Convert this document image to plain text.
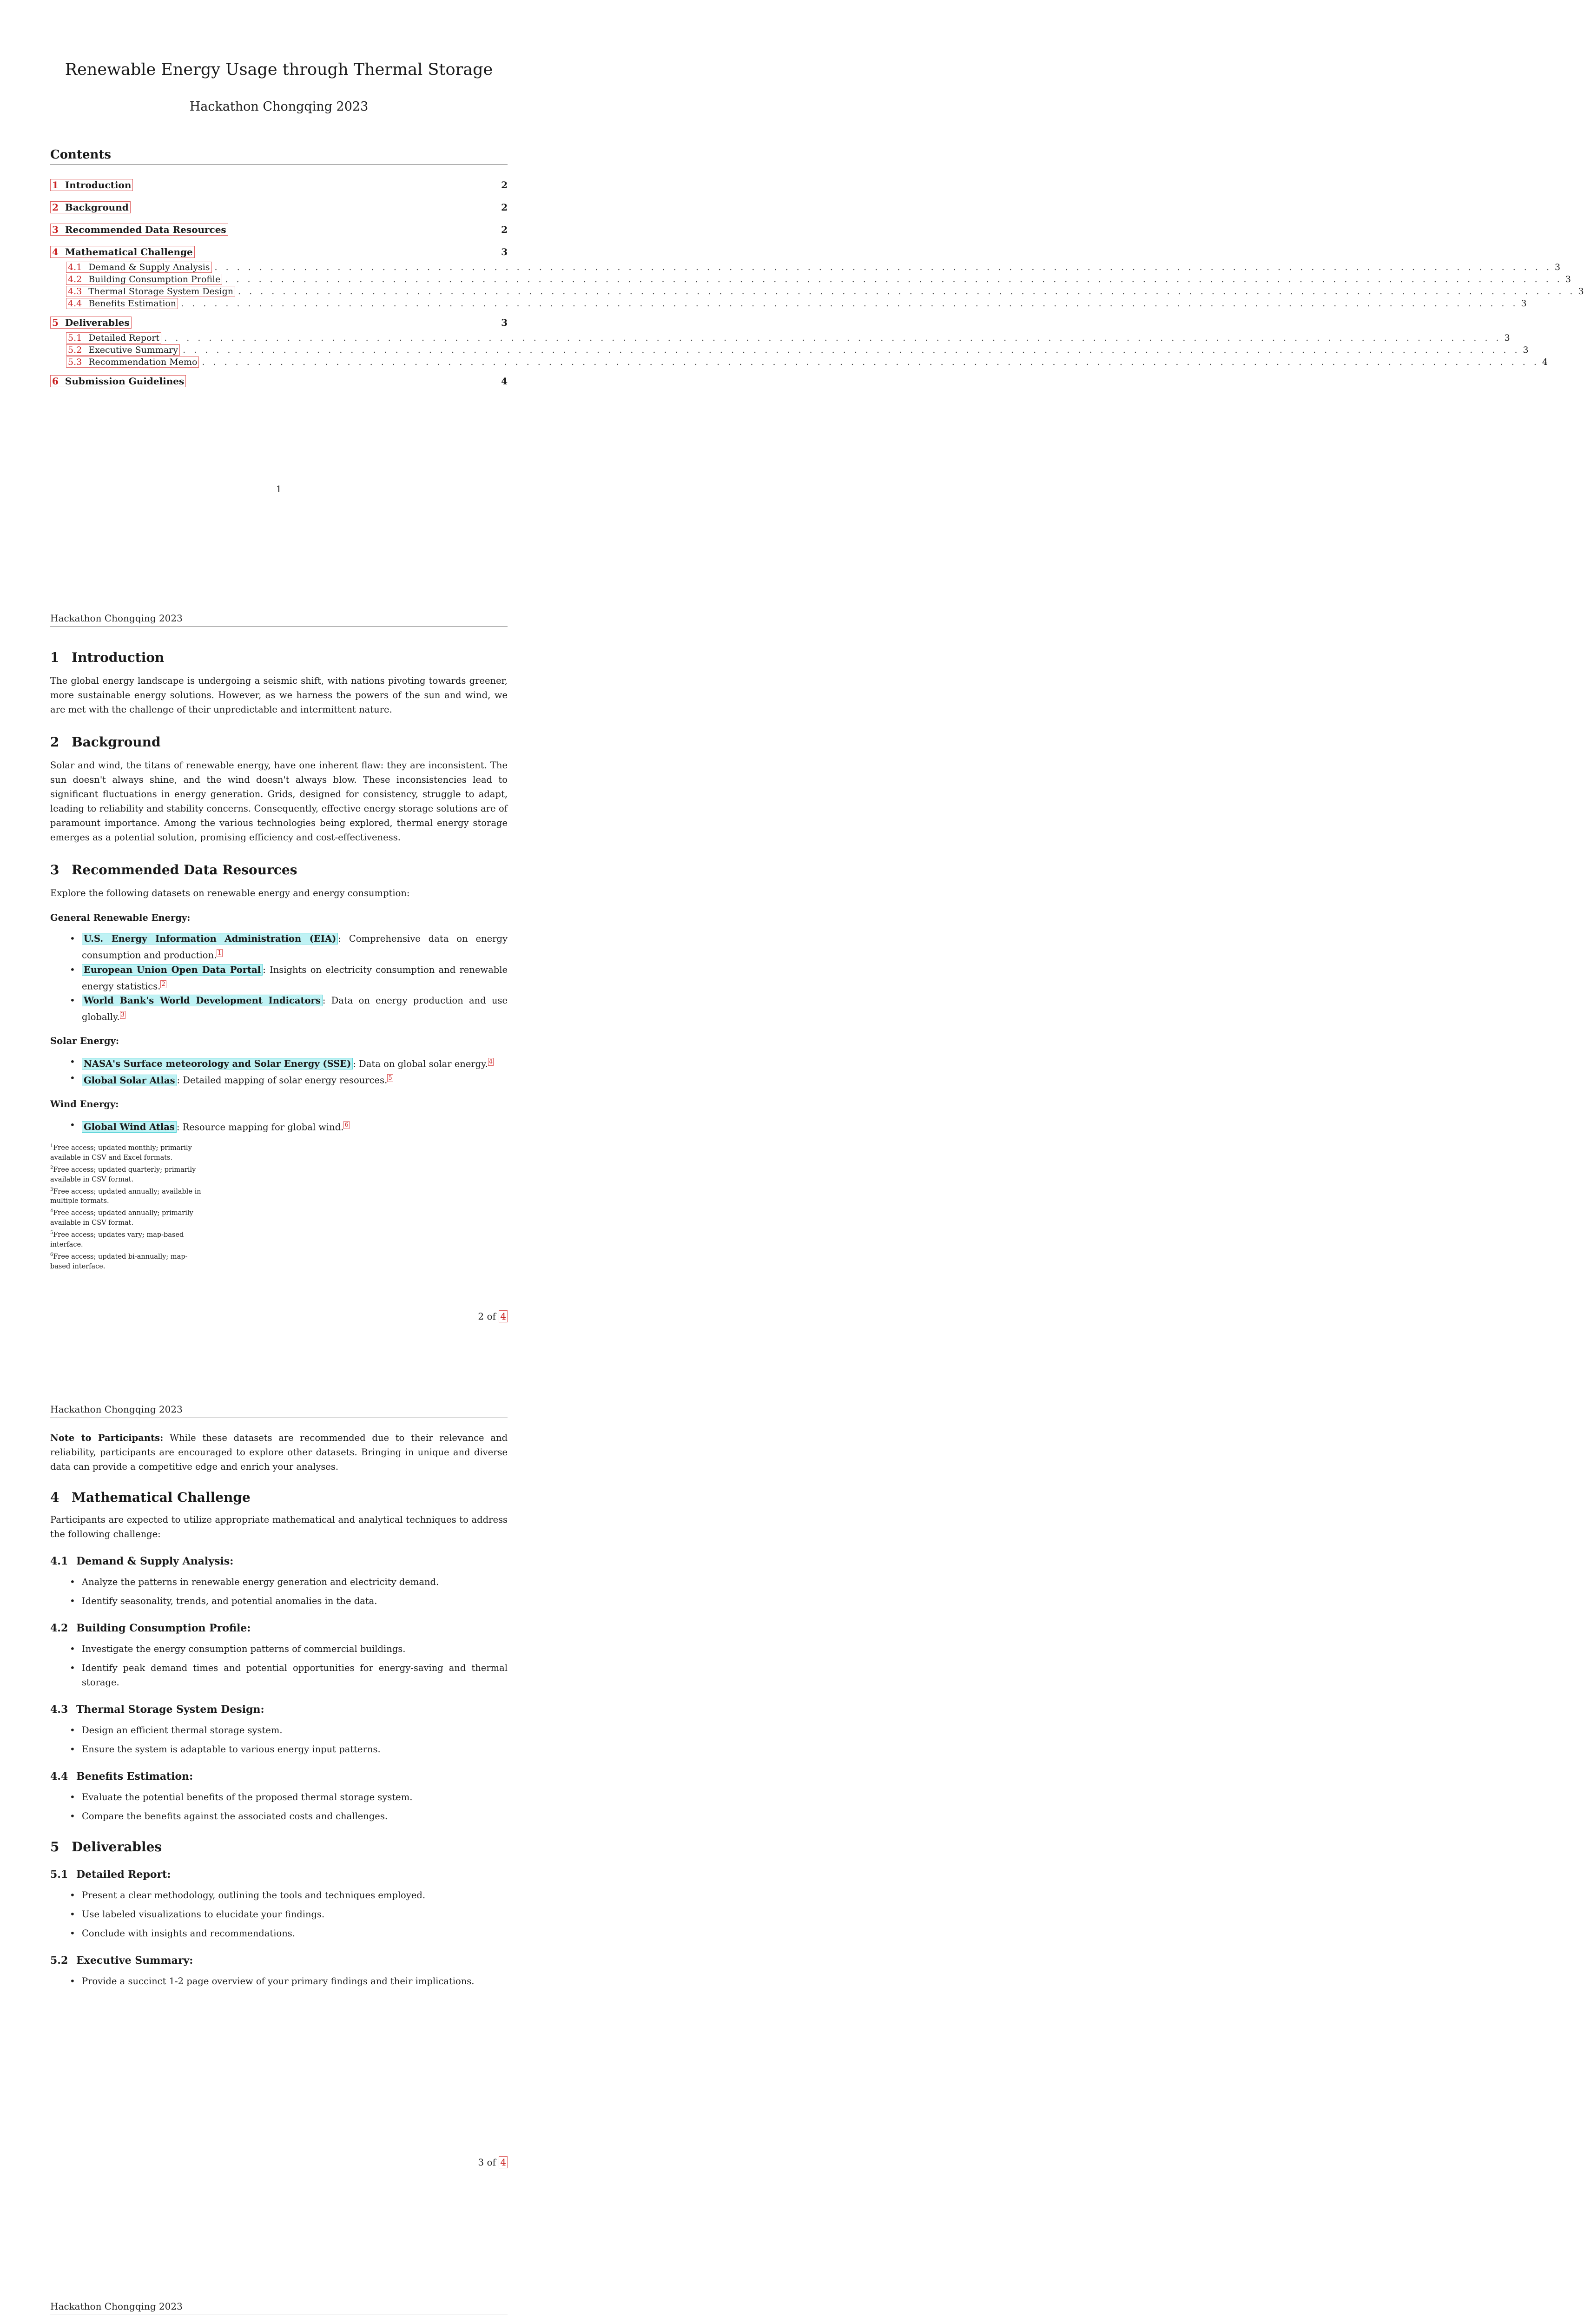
Renewable Energy Usage through Thermal Storage
Hackathon Chongqing 2023
Contents
1 Introduction	2
2 Background	2
3 Recommended Data Resources	2
4 Mathematical Challenge	3
4.1 Demand & Supply Analysis . . . . . . . . . . . . . . . . . . . . . . . . . . . . . . . . . . . . . . . . . . . . . . . . . . . . . . . . . . . . . . . . . . . . . . . . . . . . . . . . . . . . . . . . . . . . . . . . . . . . . . . . . . . . . . . . . . . . . . . . 3
4.2 Building Consumption Profile . . . . . . . . . . . . . . . . . . . . . . . . . . . . . . . . . . . . . . . . . . . . . . . . . . . . . . . . . . . . . . . . . . . . . . . . . . . . . . . . . . . . . . . . . . . . . . . . . . . . . . . . . . . . . . . . . . . . . . . . 3
4.3 Thermal Storage System Design . . . . . . . . . . . . . . . . . . . . . . . . . . . . . . . . . . . . . . . . . . . . . . . . . . . . . . . . . . . . . . . . . . . . . . . . . . . . . . . . . . . . . . . . . . . . . . . . . . . . . . . . . . . . . . . . . . . . . . . . 3
4.4 Benefits Estimation . . . . . . . . . . . . . . . . . . . . . . . . . . . . . . . . . . . . . . . . . . . . . . . . . . . . . . . . . . . . . . . . . . . . . . . . . . . . . . . . . . . . . . . . . . . . . . . . . . . . . . . . . . . . . . . . . . . . . . . . 3
5 Deliverables	3
5.1 Detailed Report . . . . . . . . . . . . . . . . . . . . . . . . . . . . . . . . . . . . . . . . . . . . . . . . . . . . . . . . . . . . . . . . . . . . . . . . . . . . . . . . . . . . . . . . . . . . . . . . . . . . . . . . . . . . . . . . . . . . . . . . 3
5.2 Executive Summary . . . . . . . . . . . . . . . . . . . . . . . . . . . . . . . . . . . . . . . . . . . . . . . . . . . . . . . . . . . . . . . . . . . . . . . . . . . . . . . . . . . . . . . . . . . . . . . . . . . . . . . . . . . . . . . . . . . . . . . . 3
5.3 Recommendation Memo . . . . . . . . . . . . . . . . . . . . . . . . . . . . . . . . . . . . . . . . . . . . . . . . . . . . . . . . . . . . . . . . . . . . . . . . . . . . . . . . . . . . . . . . . . . . . . . . . . . . . . . . . . . . . . . . . . . . . . . . 4
6 Submission Guidelines	4
1
Hackathon Chongqing 2023
1 Introduction

The global energy landscape is undergoing a seismic shift, with nations pivoting towards greener, more sustainable energy solutions. However, as we harness the powers of the sun and wind, we are met with the challenge of their unpredictable and intermittent nature.

2 Background

Solar and wind, the titans of renewable energy, have one inherent flaw: they are inconsistent. The sun doesn't always shine, and the wind doesn't always blow. These inconsistencies lead to significant fluctuations in energy generation. Grids, designed for consistency, struggle to adapt, leading to reliability and stability concerns. Consequently, effective energy storage solutions are of paramount importance. Among the various technologies being explored, thermal energy storage emerges as a potential solution, promising efficiency and cost-effectiveness.

3 Recommended Data Resources

Explore the following datasets on renewable energy and energy consumption:

General Renewable Energy:
• U.S. Energy Information Administration (EIA) : Comprehensive data on energy consumption and production. $^1$
• European Union Open Data Portal : Insights on electricity consumption and renewable energy statistics. $^2$
• World Bank's World Development Indicators : Data on energy production and use globally. $^3$
Solar Energy:
• NASA's Surface meteorology and Solar Energy (SSE) : Data on global solar energy. $^4$
• Global Solar Atlas : Detailed mapping of solar energy resources. $^5$
Wind Energy:
• Global Wind Atlas : Resource mapping for global wind. $^6$

$^1$Free access; updated monthly; primarily available in CSV and Excel formats.

$^2$Free access; updated quarterly; primarily available in CSV format.

$^3$Free access; updated annually; available in multiple formats.

$^4$Free access; updated annually; primarily available in CSV format.

$^5$Free access; updates vary; map-based interface.

$^6$Free access; updated bi-annually; map-based interface.

2 of 4
Hackathon Chongqing 2023

Note to Participants: While these datasets are recommended due to their relevance and reliability, participants are encouraged to explore other datasets. Bringing in unique and diverse data can provide a competitive edge and enrich your analyses.

4 Mathematical Challenge

Participants are expected to utilize appropriate mathematical and analytical techniques to address the following challenge:

4.1 Demand & Supply Analysis:
• Analyze the patterns in renewable energy generation and electricity demand.
• Identify seasonality, trends, and potential anomalies in the data.
4.2 Building Consumption Profile:
• Investigate the energy consumption patterns of commercial buildings.
• Identify peak demand times and potential opportunities for energy-saving and thermal storage.
4.3 Thermal Storage System Design:
• Design an efficient thermal storage system.
• Ensure the system is adaptable to various energy input patterns.
4.4 Benefits Estimation:
• Evaluate the potential benefits of the proposed thermal storage system.
• Compare the benefits against the associated costs and challenges.
5 Deliverables
5.1 Detailed Report:
• Present a clear methodology, outlining the tools and techniques employed.
• Use labeled visualizations to elucidate your findings.
• Conclude with insights and recommendations.
5.2 Executive Summary:
• Provide a succinct 1-2 page overview of your primary findings and their implications.
3 of 4
Hackathon Chongqing 2023
